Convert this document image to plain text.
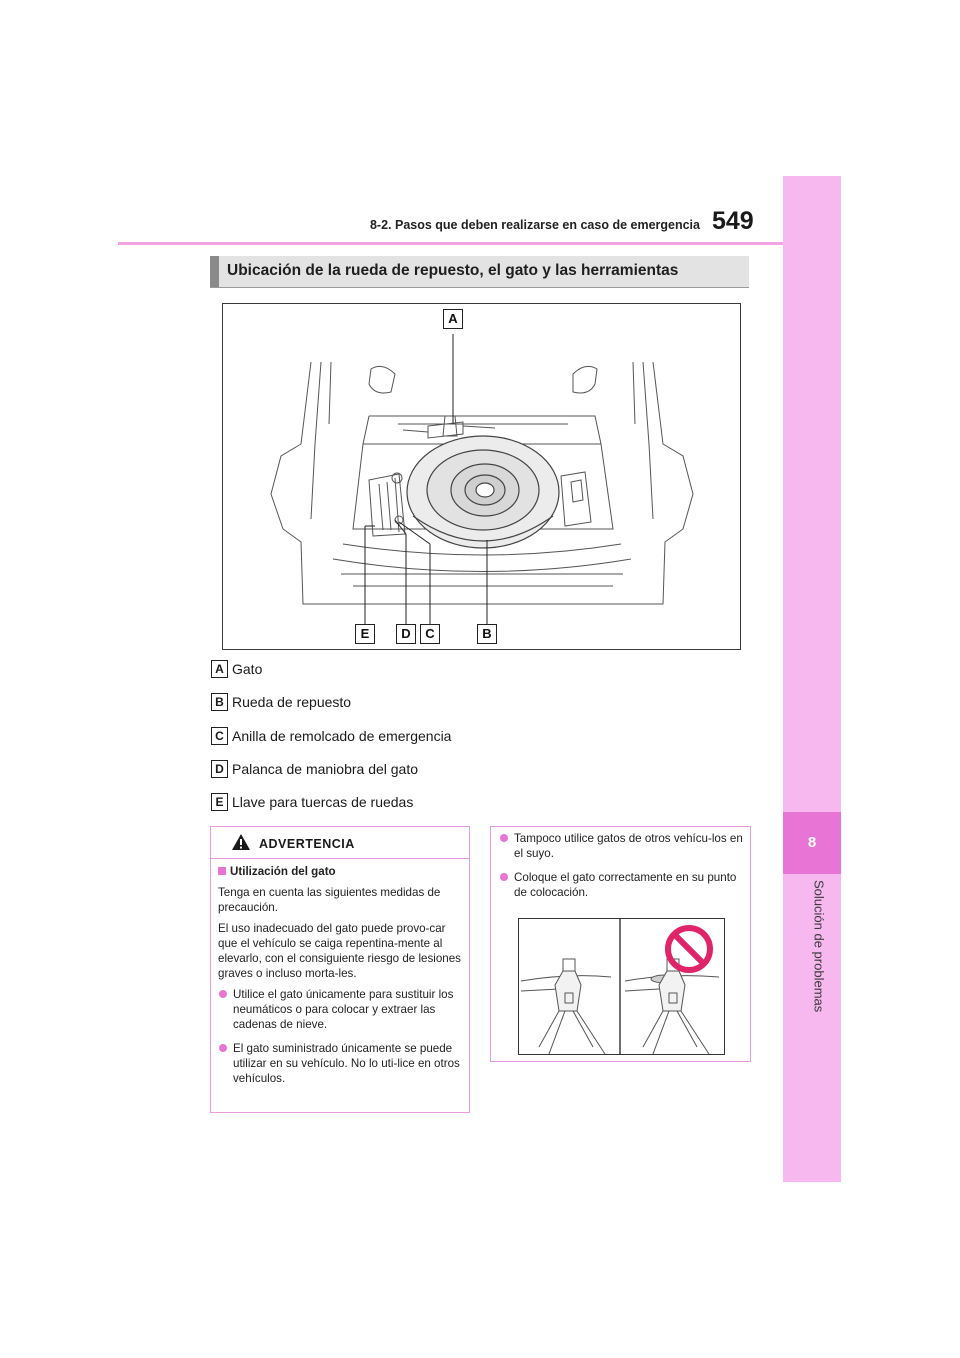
8
Solución de problemas
8-2. Pasos que deben realizarse en caso de emergencia 549
Ubicación de la rueda de repuesto, el gato y las herramientas
A
E	D	C	B
A Gato
B Rueda de repuesto
C Anilla de remolcado de emergencia
D Palanca de maniobra del gato
E Llave para tuercas de ruedas
ADVERTENCIA

Utilización del gato

Tenga en cuenta las siguientes medidas de precaución.

El uso inadecuado del gato puede provo-car que el vehículo se caiga repentina-mente al elevarlo, con el consiguiente riesgo de lesiones graves o incluso morta-les.

Utilice el gato únicamente para sustituir los neumáticos o para colocar y extraer las cadenas de nieve.
El gato suministrado únicamente se puede utilizar en su vehículo. No lo uti-lice en otros vehículos.
Tampoco utilice gatos de otros vehícu-los en el suyo.
Coloque el gato correctamente en su punto de colocación.
